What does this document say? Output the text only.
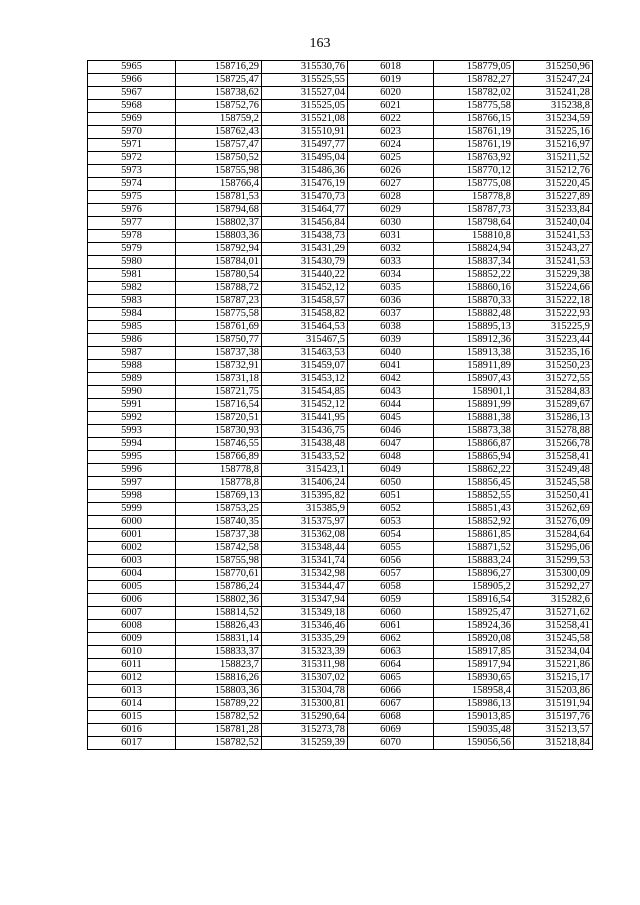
163
5965	158716,29	315530,76	6018	158779,05	315250,96
5966	158725,47	315525,55	6019	158782,27	315247,24
5967	158738,62	315527,04	6020	158782,02	315241,28
5968	158752,76	315525,05	6021	158775,58	315238,8
5969	158759,2	315521,08	6022	158766,15	315234,59
5970	158762,43	315510,91	6023	158761,19	315225,16
5971	158757,47	315497,77	6024	158761,19	315216,97
5972	158750,52	315495,04	6025	158763,92	315211,52
5973	158755,98	315486,36	6026	158770,12	315212,76
5974	158766,4	315476,19	6027	158775,08	315220,45
5975	158781,53	315470,73	6028	158778,8	315227,89
5976	158794,68	315464,77	6029	158787,73	315233,84
5977	158802,37	315456,84	6030	158798,64	315240,04
5978	158803,36	315438,73	6031	158810,8	315241,53
5979	158792,94	315431,29	6032	158824,94	315243,27
5980	158784,01	315430,79	6033	158837,34	315241,53
5981	158780,54	315440,22	6034	158852,22	315229,38
5982	158788,72	315452,12	6035	158860,16	315224,66
5983	158787,23	315458,57	6036	158870,33	315222,18
5984	158775,58	315458,82	6037	158882,48	315222,93
5985	158761,69	315464,53	6038	158895,13	315225,9
5986	158750,77	315467,5	6039	158912,36	315223,44
5987	158737,38	315463,53	6040	158913,38	315235,16
5988	158732,91	315459,07	6041	158911,89	315250,23
5989	158731,18	315453,12	6042	158907,43	315272,55
5990	158721,75	315454,85	6043	158901,1	315284,83
5991	158716,54	315452,12	6044	158891,99	315289,67
5992	158720,51	315441,95	6045	158881,38	315286,13
5993	158730,93	315436,75	6046	158873,38	315278,88
5994	158746,55	315438,48	6047	158866,87	315266,78
5995	158766,89	315433,52	6048	158865,94	315258,41
5996	158778,8	315423,1	6049	158862,22	315249,48
5997	158778,8	315406,24	6050	158856,45	315245,58
5998	158769,13	315395,82	6051	158852,55	315250,41
5999	158753,25	315385,9	6052	158851,43	315262,69
6000	158740,35	315375,97	6053	158852,92	315276,09
6001	158737,38	315362,08	6054	158861,85	315284,64
6002	158742,58	315348,44	6055	158871,52	315295,06
6003	158755,98	315341,74	6056	158883,24	315299,53
6004	158770,61	315342,98	6057	158896,27	315300,09
6005	158786,24	315344,47	6058	158905,2	315292,27
6006	158802,36	315347,94	6059	158916,54	315282,6
6007	158814,52	315349,18	6060	158925,47	315271,62
6008	158826,43	315346,46	6061	158924,36	315258,41
6009	158831,14	315335,29	6062	158920,08	315245,58
6010	158833,37	315323,39	6063	158917,85	315234,04
6011	158823,7	315311,98	6064	158917,94	315221,86
6012	158816,26	315307,02	6065	158930,65	315215,17
6013	158803,36	315304,78	6066	158958,4	315203,86
6014	158789,22	315300,81	6067	158986,13	315191,94
6015	158782,52	315290,64	6068	159013,85	315197,76
6016	158781,28	315273,78	6069	159035,48	315213,57
6017	158782,52	315259,39	6070	159056,56	315218,84
